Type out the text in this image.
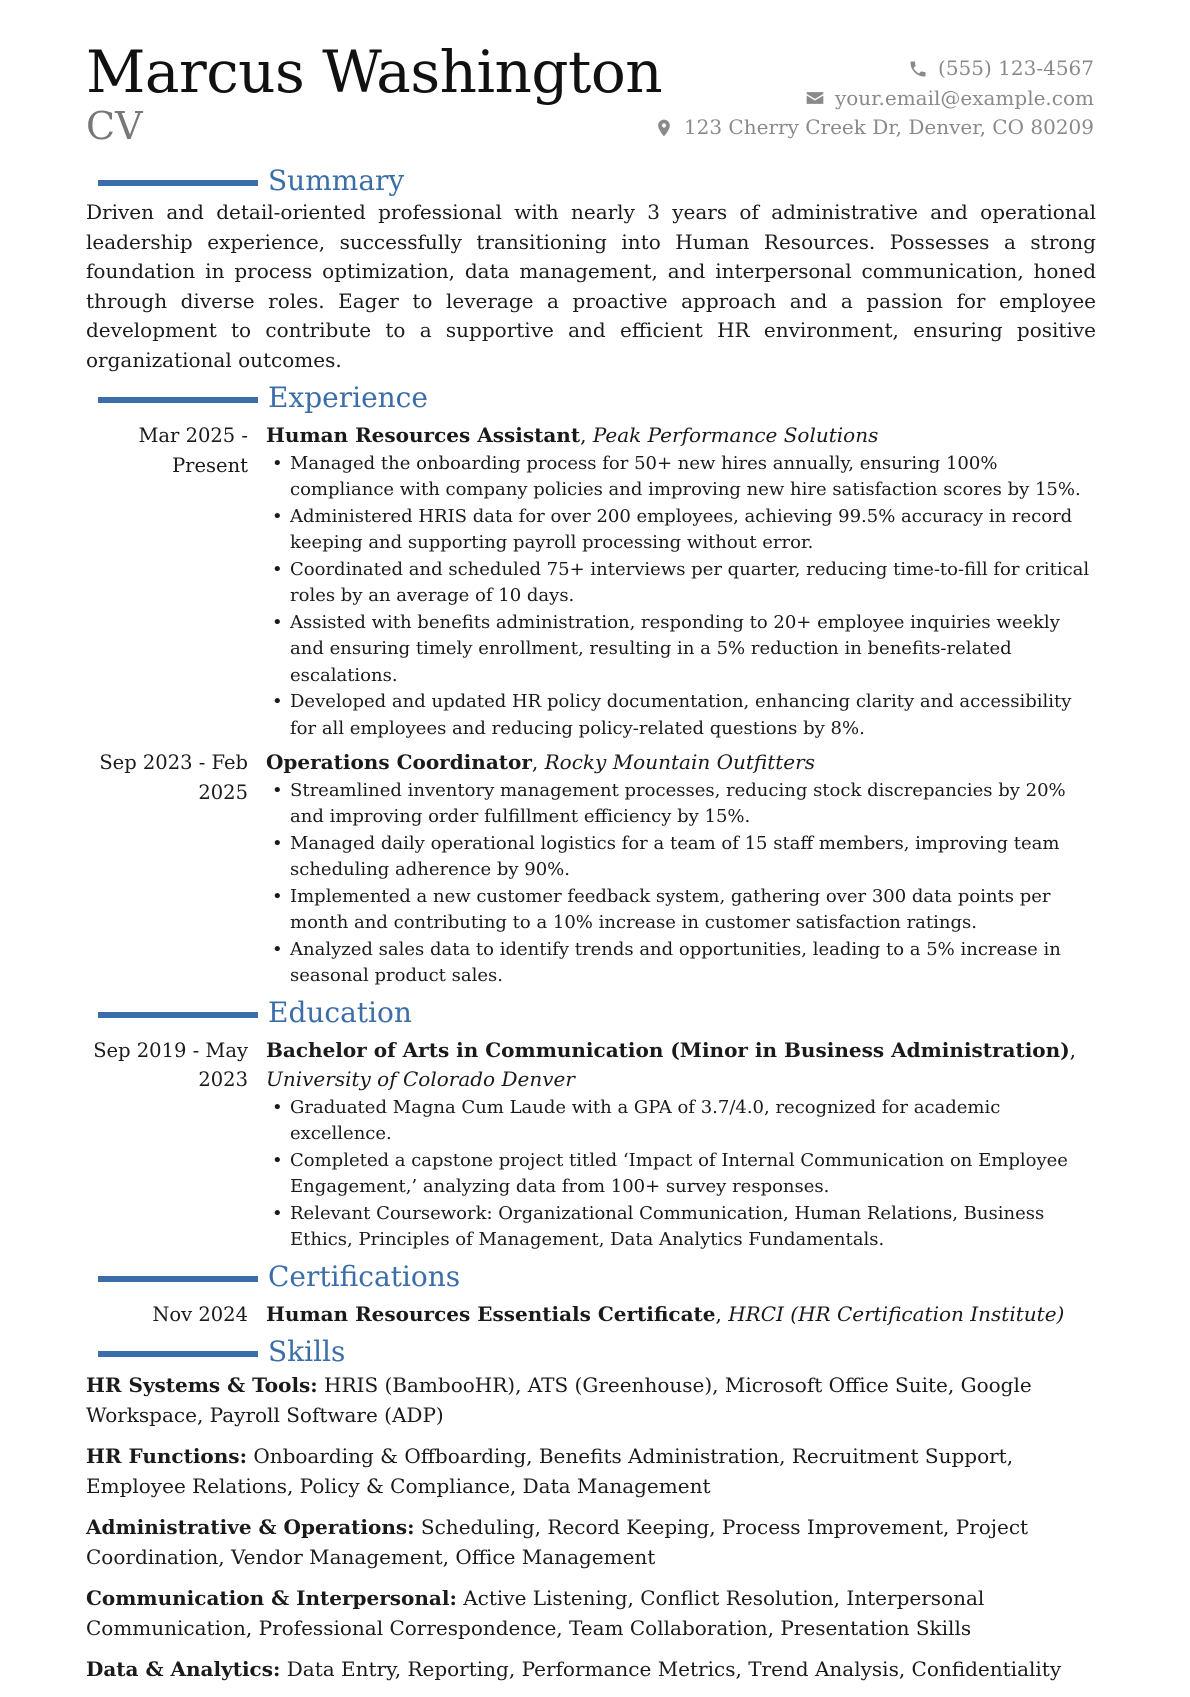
Marcus Washington
CV
(555) 123-4567
your.email@example.com
123 Cherry Creek Dr, Denver, CO 80209
Summary

Driven and detail-oriented professional with nearly 3 years of administrative and operational leadership experience, successfully transitioning into Human Resources. Possesses a strong foundation in process optimization, data management, and interpersonal communication, honed through diverse roles. Eager to leverage a proactive approach and a passion for employee development to contribute to a supportive and efficient HR environment, ensuring positive organizational outcomes.

Experience
Mar 2025 - Present
Human Resources Assistant, Peak Performance Solutions
• Managed the onboarding process for 50+ new hires annually, ensuring 100% compliance with company policies and improving new hire satisfaction scores by 15%.
• Administered HRIS data for over 200 employees, achieving 99.5% accuracy in record keeping and supporting payroll processing without error.
• Coordinated and scheduled 75+ interviews per quarter, reducing time-to-fill for critical roles by an average of 10 days.
• Assisted with benefits administration, responding to 20+ employee inquiries weekly and ensuring timely enrollment, resulting in a 5% reduction in benefits-related escalations.
• Developed and updated HR policy documentation, enhancing clarity and accessibility for all employees and reducing policy-related questions by 8%.
Sep 2023 - Feb 2025
Operations Coordinator, Rocky Mountain Outfitters
• Streamlined inventory management processes, reducing stock discrepancies by 20% and improving order fulfillment efficiency by 15%.
• Managed daily operational logistics for a team of 15 staff members, improving team scheduling adherence by 90%.
• Implemented a new customer feedback system, gathering over 300 data points per month and contributing to a 10% increase in customer satisfaction ratings.
• Analyzed sales data to identify trends and opportunities, leading to a 5% increase in seasonal product sales.
Education
Sep 2019 - May 2023
Bachelor of Arts in Communication (Minor in Business Administration), University of Colorado Denver
• Graduated Magna Cum Laude with a GPA of 3.7/4.0, recognized for academic excellence.
• Completed a capstone project titled ‘Impact of Internal Communication on Employee Engagement,’ analyzing data from 100+ survey responses.
• Relevant Coursework: Organizational Communication, Human Relations, Business Ethics, Principles of Management, Data Analytics Fundamentals.
Certifications
Nov 2024 Human Resources Essentials Certificate, HRCI (HR Certification Institute)
Skills
HR Systems & Tools: HRIS (BambooHR), ATS (Greenhouse), Microsoft Office Suite, Google Workspace, Payroll Software (ADP)
HR Functions: Onboarding & Offboarding, Benefits Administration, Recruitment Support, Employee Relations, Policy & Compliance, Data Management
Administrative & Operations: Scheduling, Record Keeping, Process Improvement, Project Coordination, Vendor Management, Office Management
Communication & Interpersonal: Active Listening, Conflict Resolution, Interpersonal Communication, Professional Correspondence, Team Collaboration, Presentation Skills
Data & Analytics: Data Entry, Reporting, Performance Metrics, Trend Analysis, Confidentiality
